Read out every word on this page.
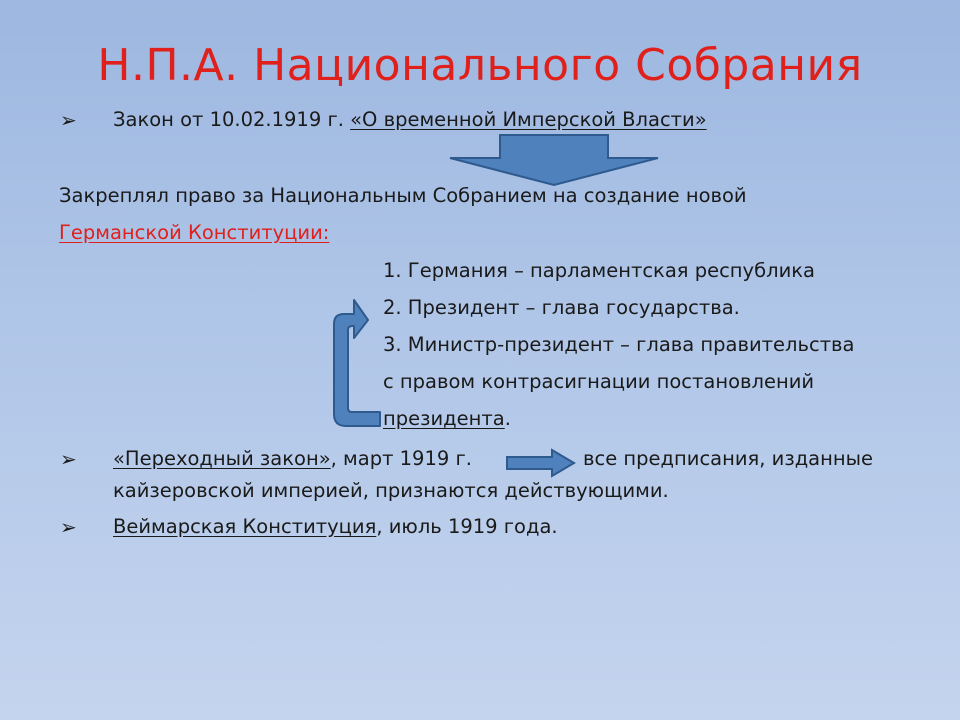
Н.П.А. Национального Собрания
➢ Закон от 10.02.1919 г. «О временной Имперской Власти»
Закреплял право за Национальным Собранием на создание новой
Германской Конституции:
1. Германия – парламентская республика
2. Президент – глава государства.
3. Министр-президент – глава правительства
с правом контрасигнации постановлений
президента.
➢ «Переходный закон», март 1919 г.	все предписания, изданные
кайзеровской империей, признаются действующими.
➢ Веймарская Конституция, июль 1919 года.
